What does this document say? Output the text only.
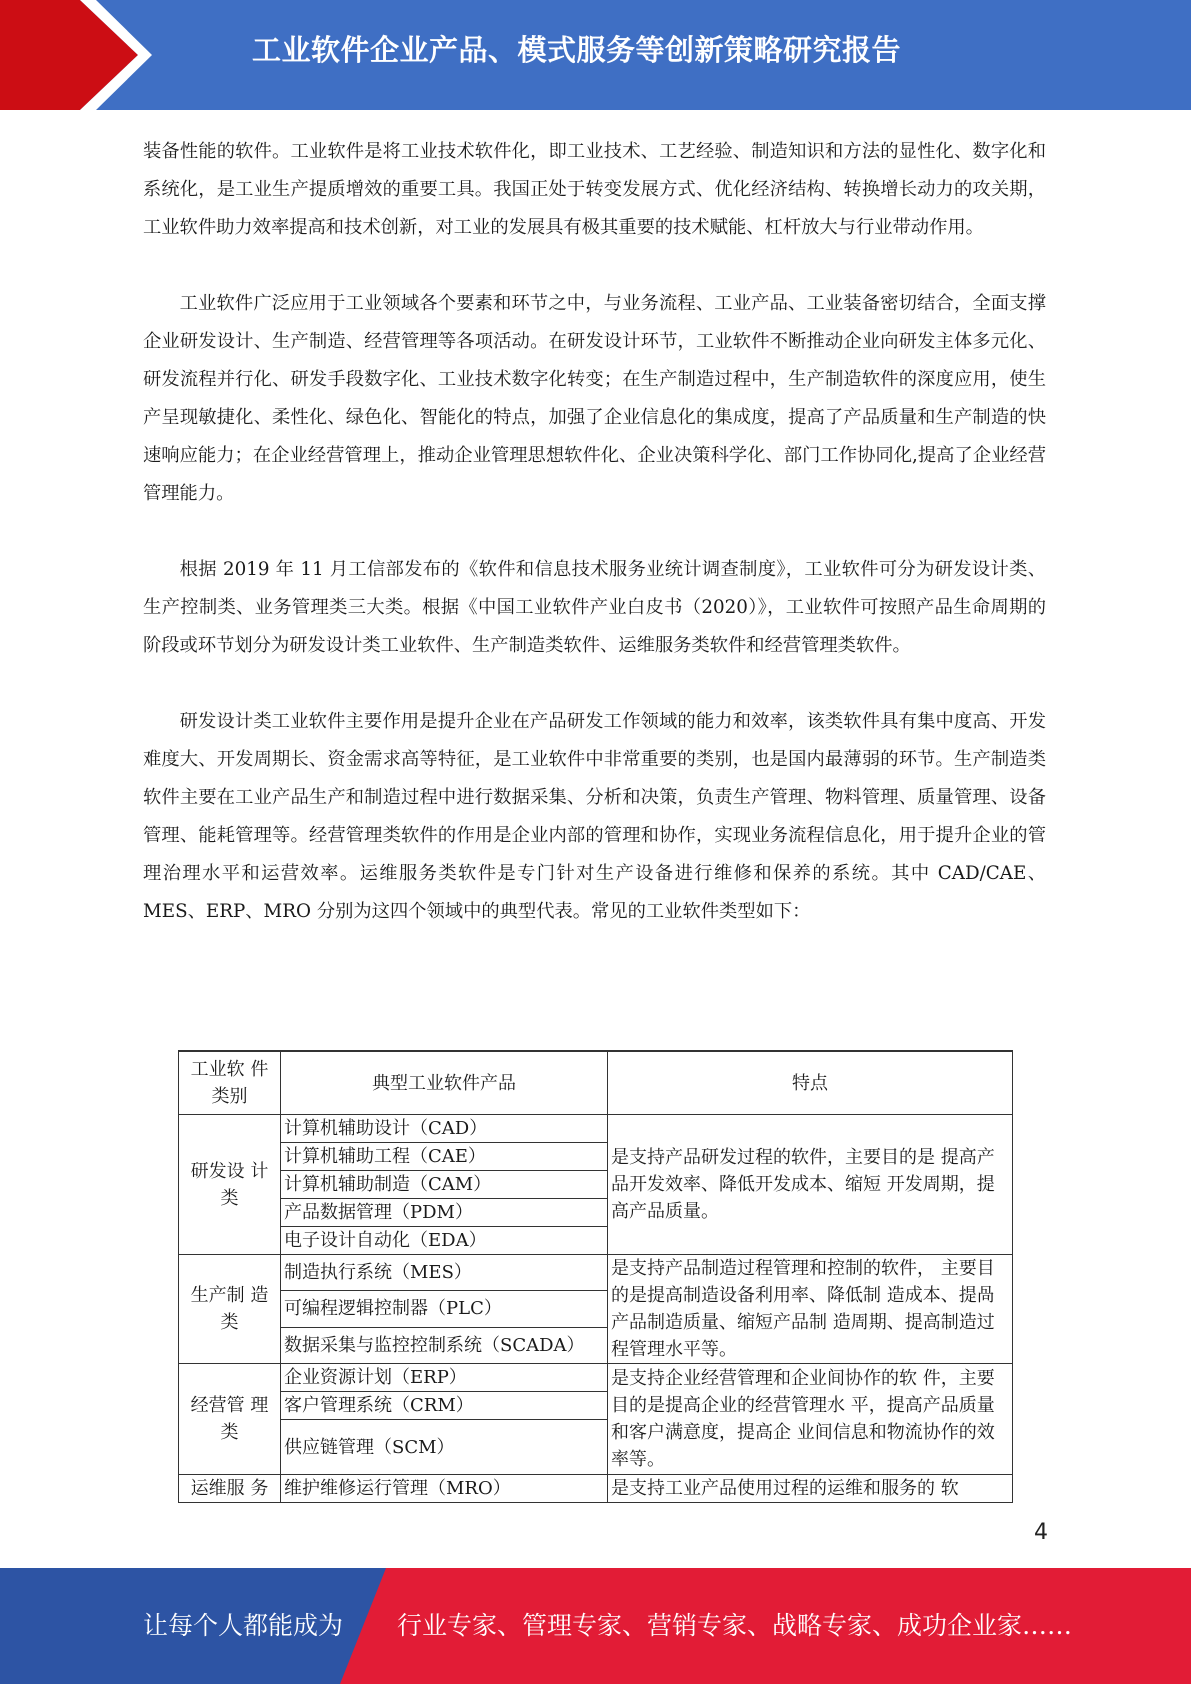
工业软件企业产品、模式服务等创新策略研究报告

装备性能的软件。工业软件是将工业技术软件化，即工业技术、工艺经验、制造知识和方法的显性化、数字化和系统化，是工业生产提质增效的重要工具。我国正处于转变发展方式、优化经济结构、转换增长动力的攻关期，工业软件助力效率提高和技术创新，对工业的发展具有极其重要的技术赋能、杠杆放大与行业带动作用。

工业软件广泛应用于工业领域各个要素和环节之中，与业务流程、工业产品、工业装备密切结合，全面支撑企业研发设计、生产制造、经营管理等各项活动。在研发设计环节，工业软件不断推动企业向研发主体多元化、研发流程并行化、研发手段数字化、工业技术数字化转变；在生产制造过程中，生产制造软件的深度应用，使生产呈现敏捷化、柔性化、绿色化、智能化的特点，加强了企业信息化的集成度，提高了产品质量和生产制造的快速响应能力；在企业经营管理上，推动企业管理思想软件化、企业决策科学化、部门工作协同化,提高了企业经营管理能力。

根据 2019 年 11 月工信部发布的《软件和信息技术服务业统计调查制度》，工业软件可分为研发设计类、生产控制类、业务管理类三大类。根据《中国工业软件产业白皮书（2020）》，工业软件可按照产品生命周期的阶段或环节划分为研发设计类工业软件、生产制造类软件、运维服务类软件和经营管理类软件。

研发设计类工业软件主要作用是提升企业在产品研发工作领域的能力和效率，该类软件具有集中度高、开发难度大、开发周期长、资金需求高等特征，是工业软件中非常重要的类别，也是国内最薄弱的环节。生产制造类软件主要在工业产品生产和制造过程中进行数据采集、分析和决策，负责生产管理、物料管理、质量管理、设备管理、能耗管理等。经营管理类软件的作用是企业内部的管理和协作，实现业务流程信息化，用于提升企业的管理治理水平和运营效率。运维服务类软件是专门针对生产设备进行维修和保养的系统。其中 CAD/CAE、MES、ERP、MRO 分别为这四个领域中的典型代表。常见的工业软件类型如下：

工业软 件类别	典型工业软件产品	特点
研发设 计类	计算机辅助设计（CAD）	是支持产品研发过程的软件，主要目的是 提高产品开发效率、降低开发成本、缩短 开发周期，提高产品质量。
	计算机辅助工程（CAE）	
	计算机辅助制造（CAM）	
	产品数据管理（PDM）	
	电子设计自动化（EDA）	
生产制 造类	制造执行系统（MES）	是支持产品制造过程管理和控制的软件， 主要目的是提高制造设备利用率、降低制 造成本、提咼产品制造质量、缩短产品制 造周期、提高制造过程管理水平等。
	可编程逻辑控制器（PLC）	
	数据采集与监控控制系统（SCADA）	
经营管 理类	企业资源计划（ERP）	是支持企业经营管理和企业间协作的软 件，主要目的是提高企业的经营管理水 平，提高产品质量和客户满意度，提高企 业间信息和物流协作的效率等。
	客户管理系统（CRM）	
	供应链管理（SCM）	
运维服 务	维护维修运行管理（MRO）	是支持工业产品使用过程的运维和服务的 软
4
让每个人都能成为 行业专家、管理专家、营销专家、战略专家、成功企业家……
